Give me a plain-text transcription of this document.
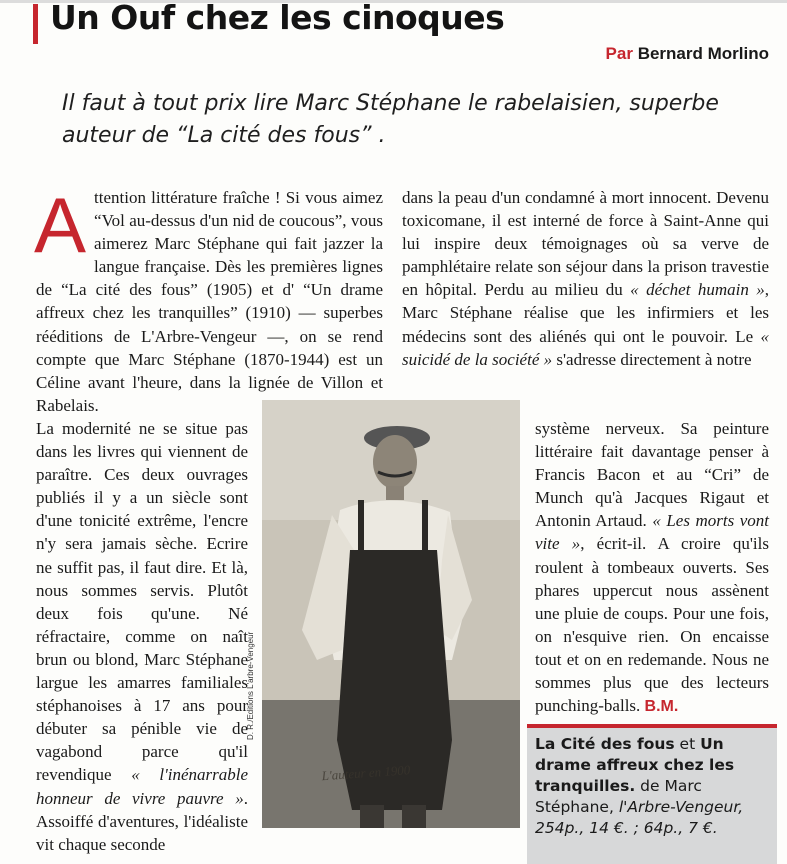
Un Ouf chez les cinoques
Par Bernard Morlino

Il faut à tout prix lire Marc Stéphane le rabelaisien, superbe auteur de “La cité des fous” .

Attention littérature fraîche ! Si vous aimez “Vol au-dessus d'un nid de coucous”, vous aimerez Marc Stéphane qui fait jazzer la langue française. Dès les premières lignes de “La cité des fous” (1905) et d' “Un drame affreux chez les tranquilles” (1910) — superbes rééditions de L'Arbre-Vengeur —, on se rend compte que Marc Stéphane (1870-1944) est un Céline avant l'heure, dans la lignée de Villon et Rabelais.

La modernité ne se situe pas dans les livres qui viennent de paraître. Ces deux ouvrages publiés il y a un siècle sont d'une tonicité extrême, l'encre n'y sera jamais sèche. Ecrire ne suffit pas, il faut dire. Et là, nous sommes servis. Plutôt deux fois qu'une. Né réfractaire, comme on naît brun ou blond, Marc Stéphane largue les amarres familiales stéphanoises à 17 ans pour débuter sa pénible vie de vagabond parce qu'il revendique « l'inénarrable honneur de vivre pauvre ». Assoiffé d'aventures, l'idéaliste vit chaque seconde

dans la peau d'un condamné à mort innocent. Devenu toxicomane, il est interné de force à Saint-Anne qui lui inspire deux témoignages où sa verve de pamphlétaire relate son séjour dans la prison travestie en hôpital. Perdu au milieu du « déchet humain », Marc Stéphane réalise que les infirmiers et les médecins sont des aliénés qui ont le pouvoir. Le « suicidé de la société » s'adresse directement à notre

système nerveux. Sa peinture littéraire fait davantage penser à Francis Bacon et au “Cri” de Munch qu'à Jacques Rigaut et Antonin Artaud. « Les morts vont vite », écrit-il. A croire qu'ils roulent à tombeaux ouverts. Ses phares uppercut nous assènent une pluie de coups. Pour une fois, on n'esquive rien. On encaisse tout et on en redemande. Nous ne sommes plus que des lecteurs punching-balls. B.M.

L'auteur en 1900
D. R./Editions L'arbre-Vengeur

La Cité des fous et Un drame affreux chez les tranquilles. de Marc Stéphane, l'Arbre-Vengeur, 254p., 14 €. ; 64p., 7 €.
